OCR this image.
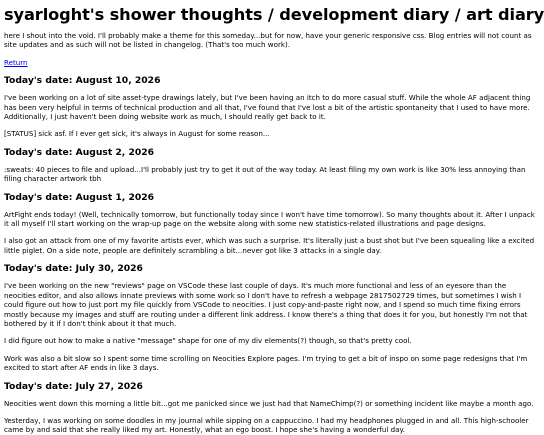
syarloght's shower thoughts / development diary / art diary

here I shout into the void. I'll probably make a theme for this someday...but for now, have your generic responsive css. Blog entries will not count as site updates and as such will not be listed in changelog. (That's too much work).

Return

Today's date: August 10, 2026

I've been working on a lot of site asset-type drawings lately, but I've been having an itch to do more casual stuff. While the whole AF adjacent thing has been very helpful in terms of technical production and all that, I've found that I've lost a bit of the artistic spontaneity that I used to have more. Additionally, I just haven't been doing website work as much, I should really get back to it.

[STATUS] sick asf. If I ever get sick, it's always in August for some reason...

Today's date: August 2, 2026

:sweats: 40 pieces to file and upload...I'll probably just try to get it out of the way today. At least filing my own work is like 30% less annoying than filing character artwork tbh

Today's date: August 1, 2026

ArtFight ends today! (Well, technically tomorrow, but functionally today since I won't have time tomorrow). So many thoughts about it. After I unpack it all myself I'll start working on the wrap-up page on the website along with some new statistics-related illustrations and page designs.

I also got an attack from one of my favorite artists ever, which was such a surprise. It's literally just a bust shot but I've been squealing like a excited little piglet. On a side note, people are definitely scrambling a bit...never got like 3 attacks in a single day.

Today's date: July 30, 2026

I've been working on the new "reviews" page on VSCode these last couple of days. It's much more functional and less of an eyesore than the neocities editor, and also allows innate previews with some work so I don't have to refresh a webpage 2817502729 times, but sometimes I wish I could figure out how to just port my file quickly from VSCode to neocities. I just copy-and-paste right now, and I spend so much time fixing errors mostly because my images and stuff are routing under a different link address. I know there's a thing that does it for you, but honestly I'm not that bothered by it if I don't think about it that much.

I did figure out how to make a native "message" shape for one of my div elements(?) though, so that's pretty cool.

Work was also a bit slow so I spent some time scrolling on Neocities Explore pages. I'm trying to get a bit of inspo on some page redesigns that I'm excited to start after AF ends in like 3 days.

Today's date: July 27, 2026

Neocities went down this morning a little bit...got me panicked since we just had that NameChimp(?) or something incident like maybe a month ago.

Yesterday, I was working on some doodles in my journal while sipping on a cappuccino. I had my headphones plugged in and all. This high-schooler came by and said that she really liked my art. Honestly, what an ego boost. I hope she's having a wonderful day.
